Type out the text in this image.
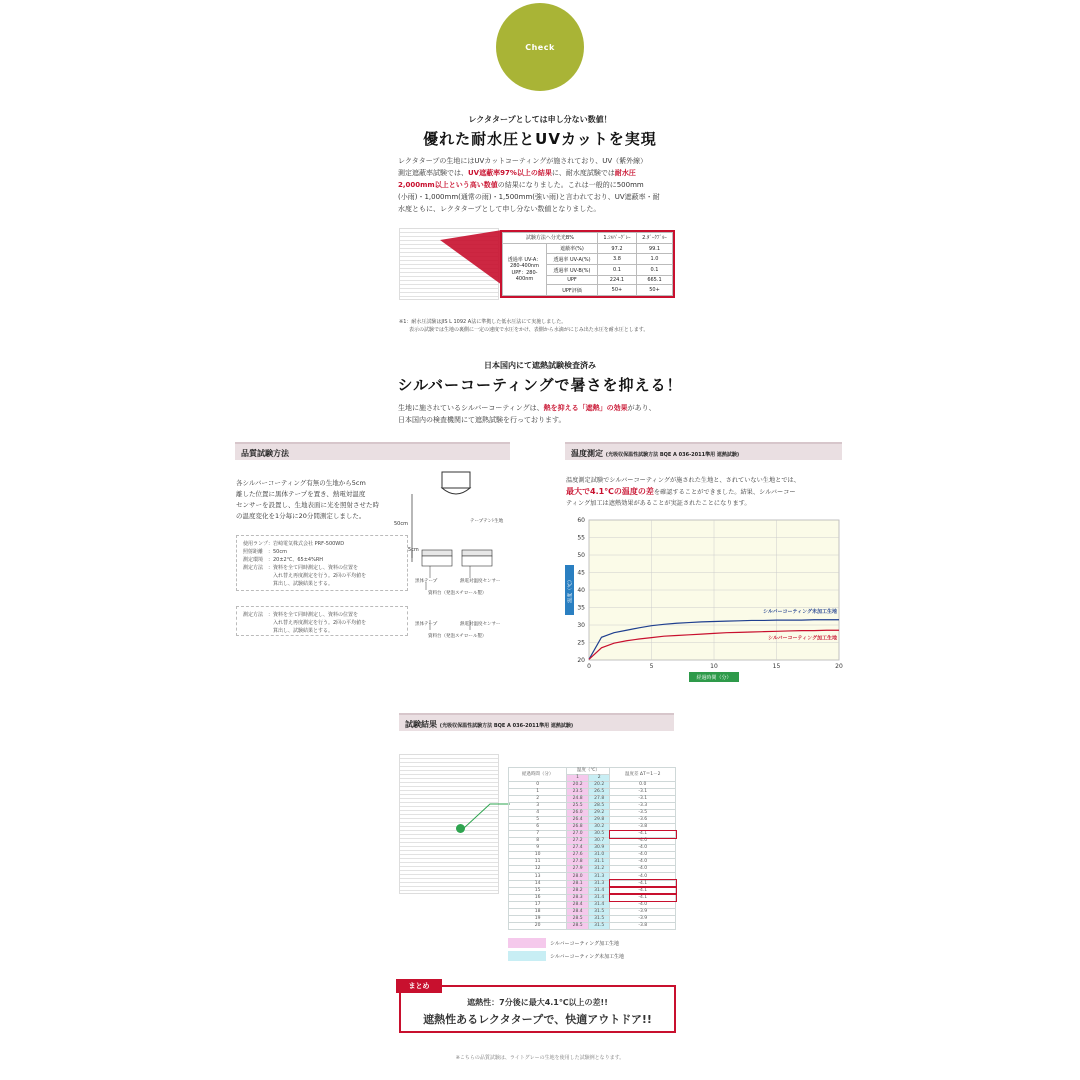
Check
レクタタープとしては申し分ない数値！
優れた耐水圧とUVカットを実現
レクタタープの生地にはUVカットコーティングが施されており、UV（紫外線）
測定遮蔽率試験では、UV遮蔽率97%以上の結果に、耐水度試験では耐水圧
2,000mm以上という高い数値の結果になりました。これは一般的に500mm
(小雨)・1,000mm(通常の雨)・1,500mm(強い雨)と言われており、UV遮蔽率・耐
水度ともに、レクタタープとして申し分ない数値となりました。
試験方法へ分光光B%		1.ｼﾙﾊﾞｰｸﾞﾚｰ	2.ﾀﾞｰｸﾌﾞﾙｰ

透過率 UV-A：280-400nm
UPF：280-400nm	遮蔽率(%)	97.2	99.1
	透過率 UV-A(%)	3.8	1.0
	透過率 UV-B(%)	0.1	0.1
	UPF	224.1	665.1
	UPF評価	50+	50+
※1：耐水圧試験はJIS L 1092 A法に準拠した低水圧法にて実施しました。
表示の試験では生地の裏側に一定の速度で水圧をかけ、表側から水滴がにじみ出た水圧を耐水圧とします。
日本国内にて遮熱試験検査済み
シルバーコーティングで暑さを抑える！
生地に施されているシルバーコーティングは、熱を抑える「遮熱」の効果があり、
日本国内の検査機関にて遮熱試験を行っております。
品質試験方法
各シルバーコーティング有無の生地から5cm
離した位置に黒体テープを置き、熱電対温度
センサーを設置し、生地表面に光を照射させた時
の温度変化を1分毎に20分間測定しました。
使用ランプ：岩崎電気株式会社 PRF-500WD
照射距離　：50cm
測定環境　：20±2℃、65±4%RH
測定方法　：資料を全て同時測定し、資料の位置を
入れ替え再度測定を行う。2回の平均値を
算出し、試験結果とする。
測定方法　：資料を全て同時測定し、資料の位置を
入れ替え再度測定を行う。2回の平均値を
算出し、試験結果とする。
50cm
5cm
テープテンﾄ生地
黒体テープ	熱電対温度センサー
資料台（発泡スチロール製）
黒体テープ	熱電対温度センサー
資料台（発泡スチロール製）
温度測定 (光吸収保温性試験方法 BQE A 036-2011準用 遮熱試験)
温度測定試験でシルバーコーティングが施された生地と、されていない生地とでは、
最大で4.1℃の温度の差を確認することができました。結果、シルバーコー
ティング加工は遮熱効果があることが実証されたことになります。
20
25
30
35
40
45
50
55
60
0	5	10	15	20
温度（℃）
経過時間（分）
シルバーコーティング未加工生地
シルバーコーティング加工生地
試験結果 (光吸収保温性試験方法 BQE A 036-2011準用 遮熱試験)
経過時間（分）	温度（℃）		温度差 ΔT＝1－2
	1	2	
0	20.2	20.2	0.0
1	23.5	26.5	-3.1
2	24.8	27.8	-3.1
3	25.5	28.5	-3.3
4	26.0	29.2	-3.5
5	26.4	29.8	-3.6
6	26.8	30.2	-3.8
7	27.0	30.5	-4.1
8	27.2	30.7	-4.0
9	27.4	30.9	-4.0
10	27.6	31.0	-4.0
11	27.8	31.1	-4.0
12	27.9	31.2	-4.0
13	28.0	31.3	-4.0
14	28.1	31.3	-4.1
15	28.2	31.4	-4.1
16	28.3	31.4	-4.1
17	28.4	31.4	-4.0
18	28.4	31.5	-3.9
19	28.5	31.5	-3.9
20	28.5	31.5	-3.8
シルバーコーティング加工生地
シルバーコーティング未加工生地
遮熱性：7分後に最大4.1℃以上の差!!
遮熱性あるレクタタープで、快適アウトドア!!
まとめ
※こちらの品質試験は、ライトグレーの生地を使用した試験例となります。
